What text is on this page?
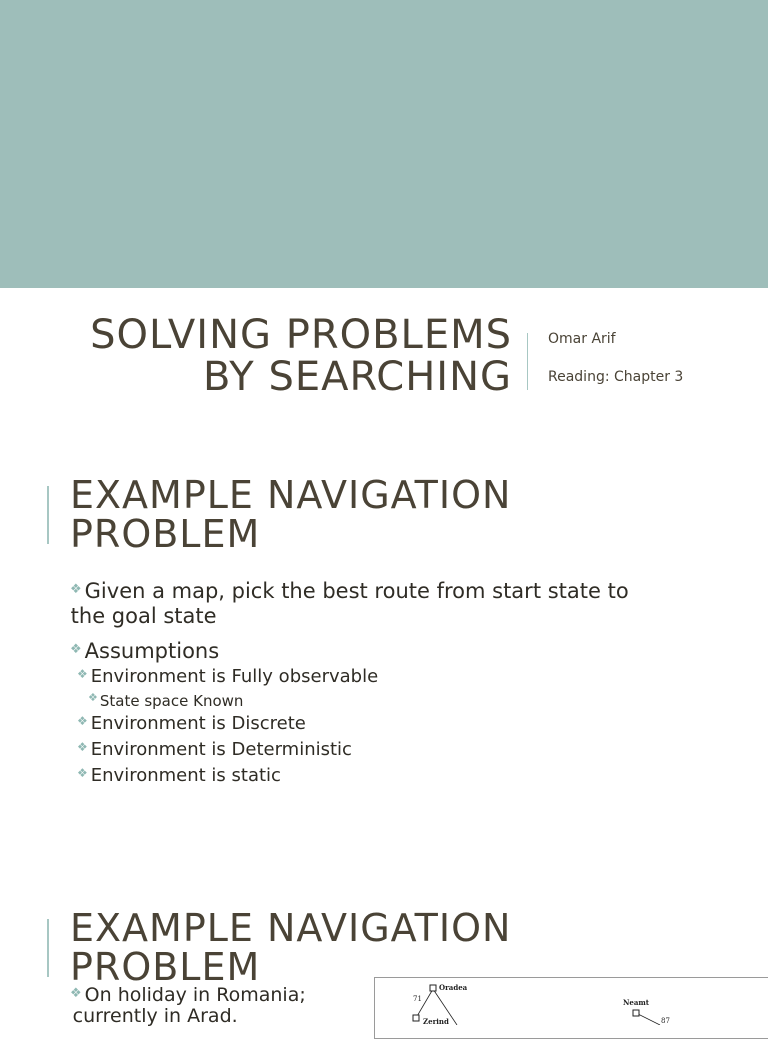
SOLVING PROBLEMS
BY SEARCHING
Omar Arif
Reading: Chapter 3
EXAMPLE NAVIGATION
PROBLEM
❖ Given a map, pick the best route from start state to
the goal state
❖ Assumptions
❖ Environment is Fully observable
❖ State space Known
❖ Environment is Discrete
❖ Environment is Deterministic
❖ Environment is static
EXAMPLE NAVIGATION
PROBLEM
❖ On holiday in Romania;
currently in Arad.
Oradea
Zerind
Neamt
71
87
